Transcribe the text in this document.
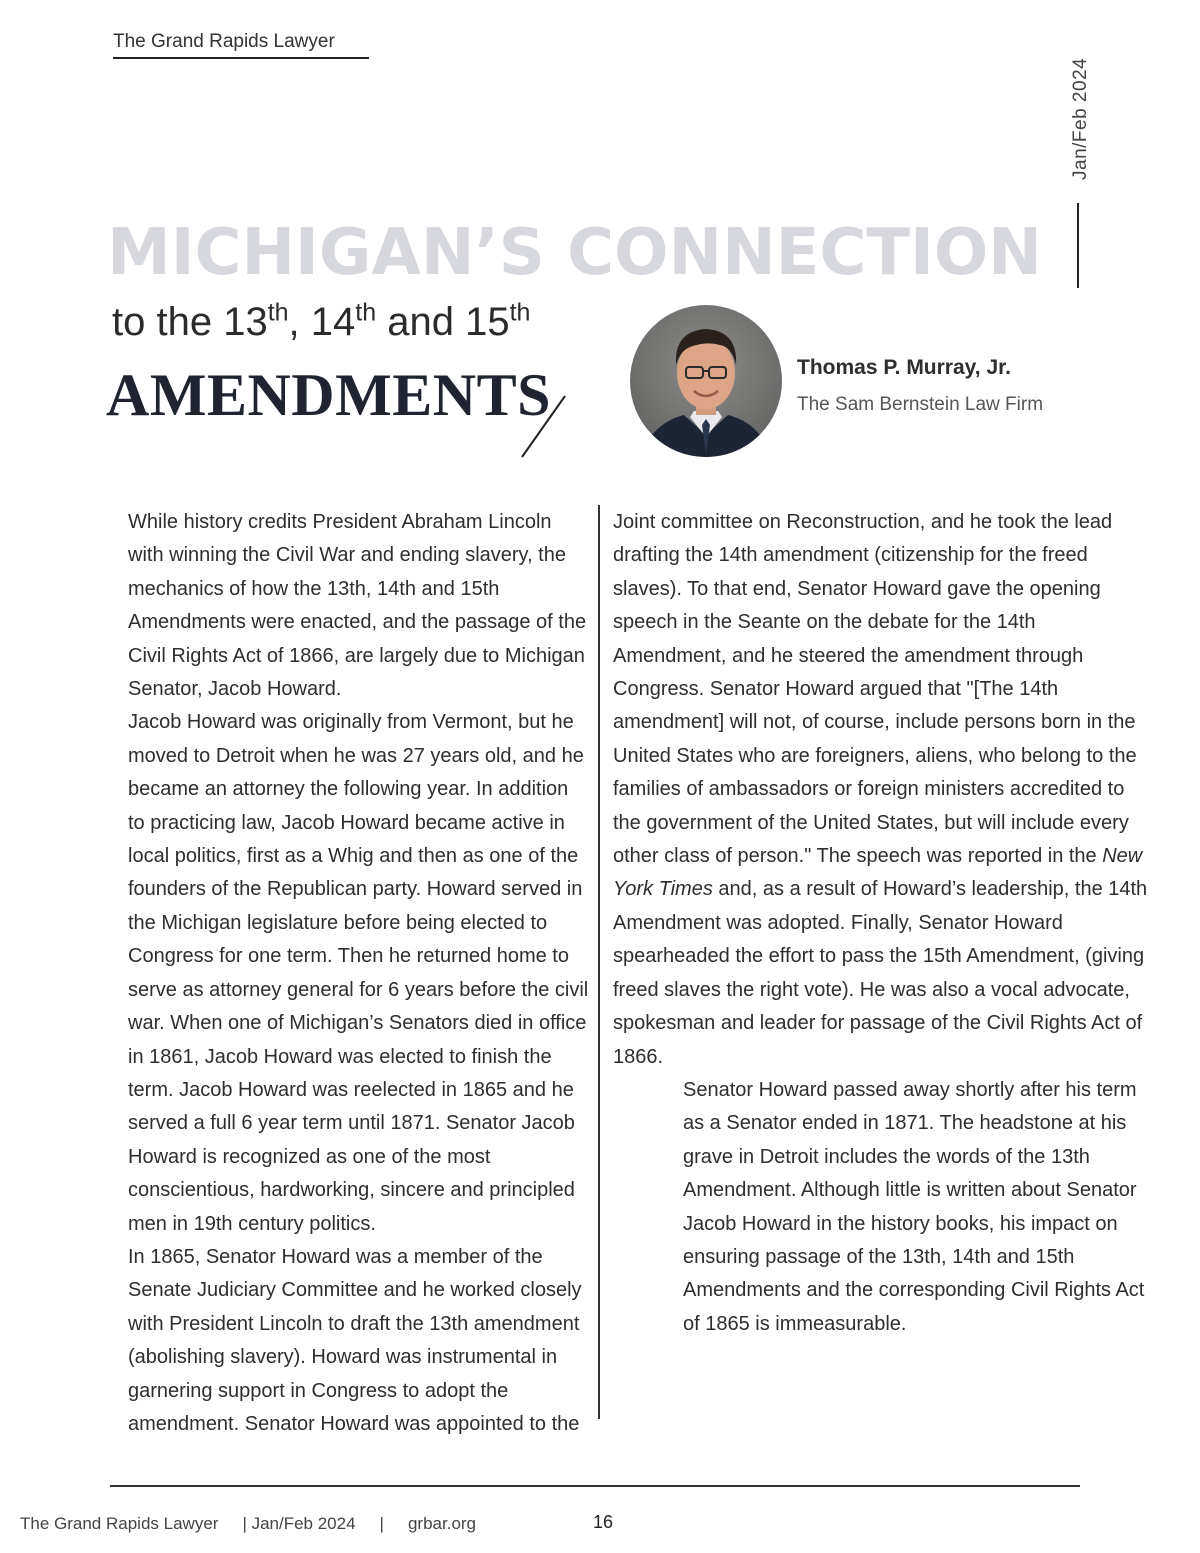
The Grand Rapids Lawyer
Jan/Feb 2024
MICHIGAN’S CONNECTION
to the 13th, 14th and 15th
AMENDMENTS	Thomas P. Murray, Jr.
The Sam Bernstein Law Firm

While history credits President Abraham Lincoln with winning the Civil War and ending slavery, the mechanics of how the 13th, 14th and 15th Amendments were enacted, and the passage of the Civil Rights Act of 1866, are largely due to Michigan Senator, Jacob Howard.

Jacob Howard was originally from Vermont, but he moved to Detroit when he was 27 years old, and he became an attorney the following year. In addition to practicing law, Jacob Howard became active in local politics, first as a Whig and then as one of the founders of the Republican party. Howard served in the Michigan legislature before being elected to Congress for one term. Then he returned home to serve as attorney general for 6 years before the civil war. When one of Michigan’s Senators died in office in 1861, Jacob Howard was elected to finish the term. Jacob Howard was reelected in 1865 and he served a full 6 year term until 1871. Senator Jacob Howard is recognized as one of the most conscientious, hardworking, sincere and principled men in 19th century politics.

In 1865, Senator Howard was a member of the Senate Judiciary Committee and he worked closely with President Lincoln to draft the 13th amendment (abolishing slavery). Howard was instrumental in garnering support in Congress to adopt the amendment. Senator Howard was appointed to the

Joint committee on Reconstruction, and he took the lead drafting the 14th amendment (citizenship for the freed slaves). To that end, Senator Howard gave the opening speech in the Seante on the debate for the 14th Amendment, and he steered the amendment through Congress. Senator Howard argued that "[The 14th amendment] will not, of course, include persons born in the United States who are foreigners, aliens, who belong to the families of ambassadors or foreign ministers accredited to the government of the United States, but will include every other class of person." The speech was reported in the New York Times and, as a result of Howard’s leadership, the 14th Amendment was adopted. Finally, Senator Howard spearheaded the effort to pass the 15th Amendment, (giving freed slaves the right vote). He was also a vocal advocate, spokesman and leader for passage of the Civil Rights Act of 1866.

Senator Howard passed away shortly after his term as a Senator ended in 1871. The headstone at his grave in Detroit includes the words of the 13th Amendment. Although little is written about Senator Jacob Howard in the history books, his impact on ensuring passage of the 13th, 14th and 15th Amendments and the corresponding Civil Rights Act of 1865 is immeasurable.

The Grand Rapids Lawyer | Jan/Feb 2024 | grbar.org	16
